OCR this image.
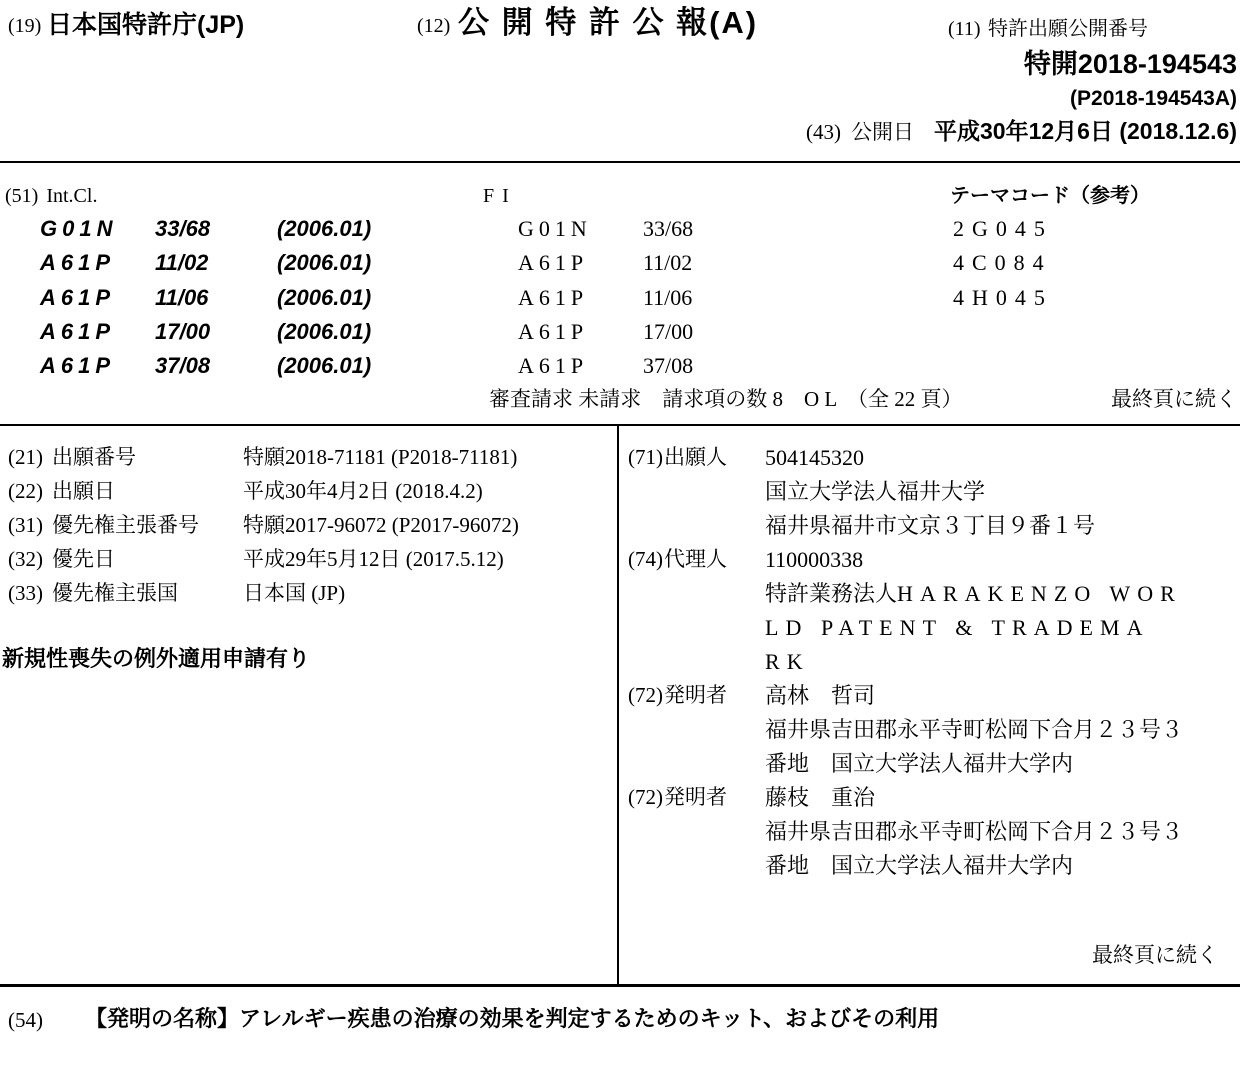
(19) 日本国特許庁(JP)	(12) 公 開 特 許 公 報(A)	(11) 特許出願公開番号
特開2018-194543
(P2018-194543A)
(43) 公開日 平成30年12月6日 (2018.12.6)
(51) Int.Cl.	FI	テーマコード（参考）
G01N 33/68	(2006.01)	G01N 33/68	2G045
A61P 11/02	(2006.01)	A61P 11/02	4C084
A61P 11/06	(2006.01)	A61P 11/06	4H045
A61P 17/00	(2006.01)	A61P 17/00
A61P 37/08	(2006.01)	A61P 37/08
審査請求 未請求　請求項の数 8　O L　（全 22 頁）	最終頁に続く
(21) 出願番号	特願2018-71181 (P2018-71181)
(22) 出願日	平成30年4月2日 (2018.4.2)
(31) 優先権主張番号 特願2017-96072 (P2017-96072)
(32) 優先日	平成29年5月12日 (2017.5.12)
(33) 優先権主張国	日本国 (JP)
新規性喪失の例外適用申請有り
(71) 出願人 504145320
国立大学法人福井大学
福井県福井市文京３丁目９番１号
(74) 代理人 110000338
特許業務法人HARAKENZO WOR
LD PATENT & TRADEMA
RK
(72) 発明者 高林　哲司
福井県吉田郡永平寺町松岡下合月２３号３
番地　国立大学法人福井大学内
(72) 発明者 藤枝　重治
福井県吉田郡永平寺町松岡下合月２３号３
番地　国立大学法人福井大学内
最終頁に続く
(54) 【発明の名称】アレルギー疾患の治療の効果を判定するためのキット、およびその利用
